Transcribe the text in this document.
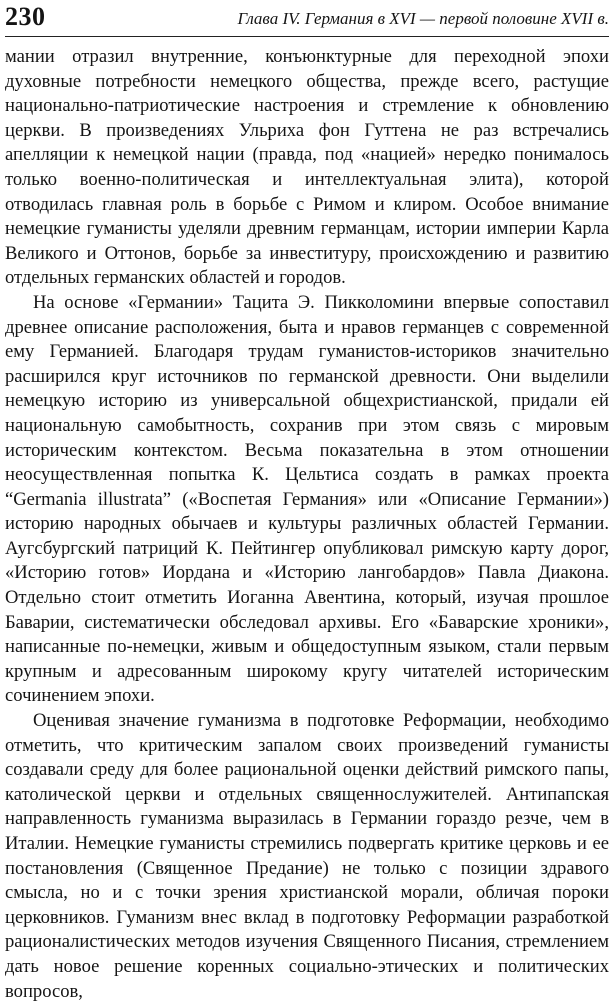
230	Глава IV. Германия в XVI — первой половине XVII в.

мании отразил внутренние, конъюнктурные для переходной эпохи духовные потребности немецкого общества, прежде всего, растущие национально-патриотические настроения и стремление к обновлению церкви. В произведениях Ульриха фон Гуттена не раз встречались апелляции к немецкой нации (правда, под «нацией» нередко понималось только военно-политическая и интеллектуальная элита), которой отводилась главная роль в борьбе с Римом и клиром. Особое внимание немецкие гуманисты уделяли древним германцам, истории империи Карла Великого и Оттонов, борьбе за инвеституру, происхождению и развитию отдельных германских областей и городов.

На основе «Германии» Тацита Э. Пикколомини впервые сопоставил древнее описание расположения, быта и нравов германцев с современной ему Германией. Благодаря трудам гуманистов-историков значительно расширился круг источников по германской древности. Они выделили немецкую историю из универсальной общехристианской, придали ей национальную самобытность, сохранив при этом связь с мировым историческим контекстом. Весьма показательна в этом отношении неосуществленная попытка К. Цельтиса создать в рамках проекта “Germania illustrata” («Воспетая Германия» или «Описание Германии») историю народных обычаев и культуры различных областей Германии. Аугсбургский патриций К. Пейтингер опубликовал римскую карту дорог, «Историю готов» Иордана и «Историю лангобардов» Павла Диакона. Отдельно стоит отметить Иоганна Авентина, который, изучая прошлое Баварии, систематически обследовал архивы. Его «Баварские хроники», написанные по-немецки, живым и общедоступным языком, стали первым крупным и адресованным широкому кругу читателей историческим сочинением эпохи.

Оценивая значение гуманизма в подготовке Реформации, необходимо отметить, что критическим запалом своих произведений гуманисты создавали среду для более рациональной оценки действий римского папы, католической церкви и отдельных священнослужителей. Антипапская направленность гуманизма выразилась в Германии гораздо резче, чем в Италии. Немецкие гуманисты стремились подвергать критике церковь и ее постановления (Священное Предание) не только с позиции здравого смысла, но и с точки зрения христианской морали, обличая пороки церковников. Гуманизм внес вклад в подготовку Реформации разработкой рационалистических методов изучения Священного Писания, стремлением дать новое решение коренных социально-этических и политических вопросов,
